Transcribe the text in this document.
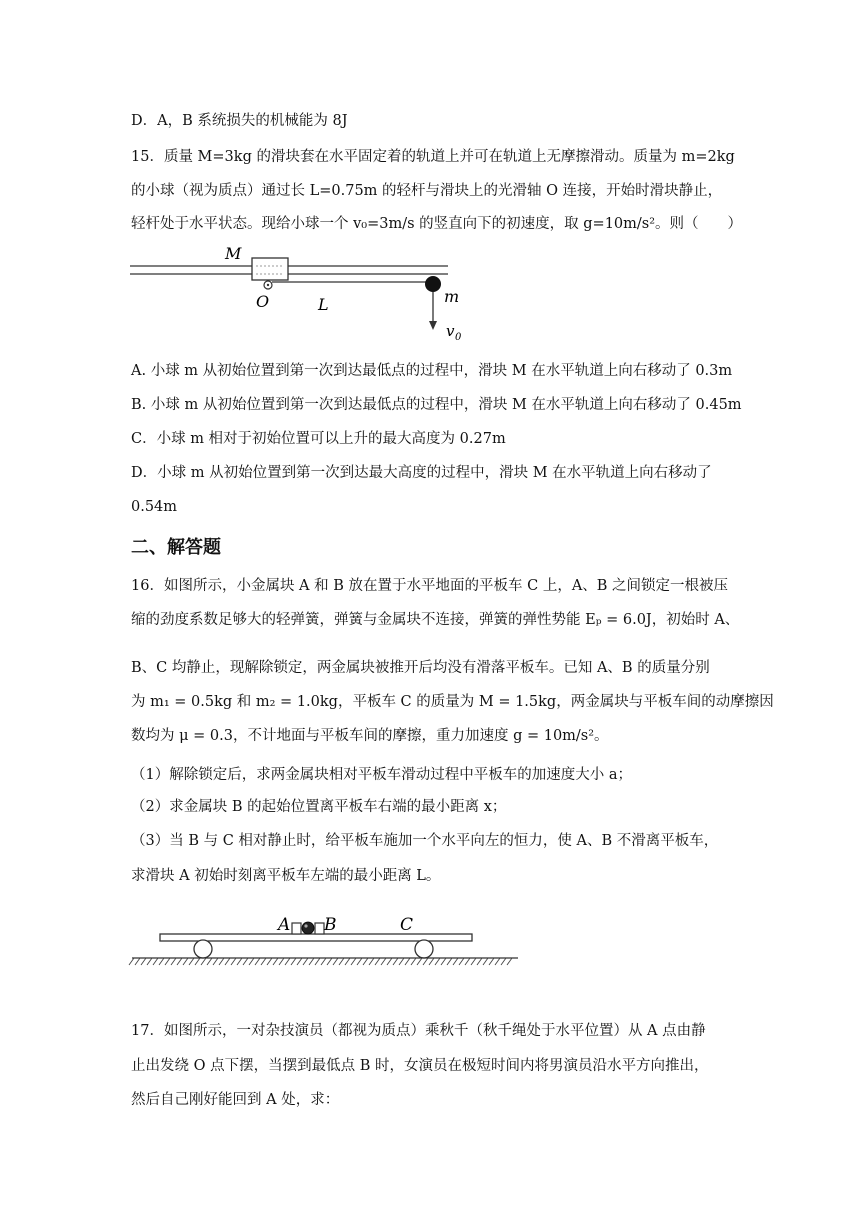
D．A，B 系统损失的机械能为 8J
15．质量 M=3kg 的滑块套在水平固定着的轨道上并可在轨道上无摩擦滑动。质量为 m=2kg
的小球（视为质点）通过长 L=0.75m 的轻杆与滑块上的光滑轴 O 连接，开始时滑块静止，
轻杆处于水平状态。现给小球一个 v₀=3m/s 的竖直向下的初速度，取 g=10m/s²。则（　　）
M
O	L	m
v 0
A. 小球 m 从初始位置到第一次到达最低点的过程中，滑块 M 在水平轨道上向右移动了 0.3m
B. 小球 m 从初始位置到第一次到达最低点的过程中，滑块 M 在水平轨道上向右移动了 0.45m
C．小球 m 相对于初始位置可以上升的最大高度为 0.27m
D．小球 m 从初始位置到第一次到达最大高度的过程中，滑块 M 在水平轨道上向右移动了
0.54m
二、解答题
16．如图所示，小金属块 A 和 B 放在置于水平地面的平板车 C 上，A、B 之间锁定一根被压
缩的劲度系数足够大的轻弹簧，弹簧与金属块不连接，弹簧的弹性势能 Eₚ = 6.0J，初始时 A、
B、C 均静止，现解除锁定，两金属块被推开后均没有滑落平板车。已知 A、B 的质量分别
为 m₁ = 0.5kg 和 m₂ = 1.0kg，平板车 C 的质量为 M = 1.5kg，两金属块与平板车间的动摩擦因
数均为 μ = 0.3，不计地面与平板车间的摩擦，重力加速度 g = 10m/s²。
（1）解除锁定后，求两金属块相对平板车滑动过程中平板车的加速度大小 a；
（2）求金属块 B 的起始位置离平板车右端的最小距离 x；
（3）当 B 与 C 相对静止时，给平板车施加一个水平向左的恒力，使 A、B 不滑离平板车，
求滑块 A 初始时刻离平板车左端的最小距离 L。
A B	C
17．如图所示，一对杂技演员（都视为质点）乘秋千（秋千绳处于水平位置）从 A 点由静
止出发绕 O 点下摆，当摆到最低点 B 时，女演员在极短时间内将男演员沿水平方向推出，
然后自己刚好能回到 A 处，求：
